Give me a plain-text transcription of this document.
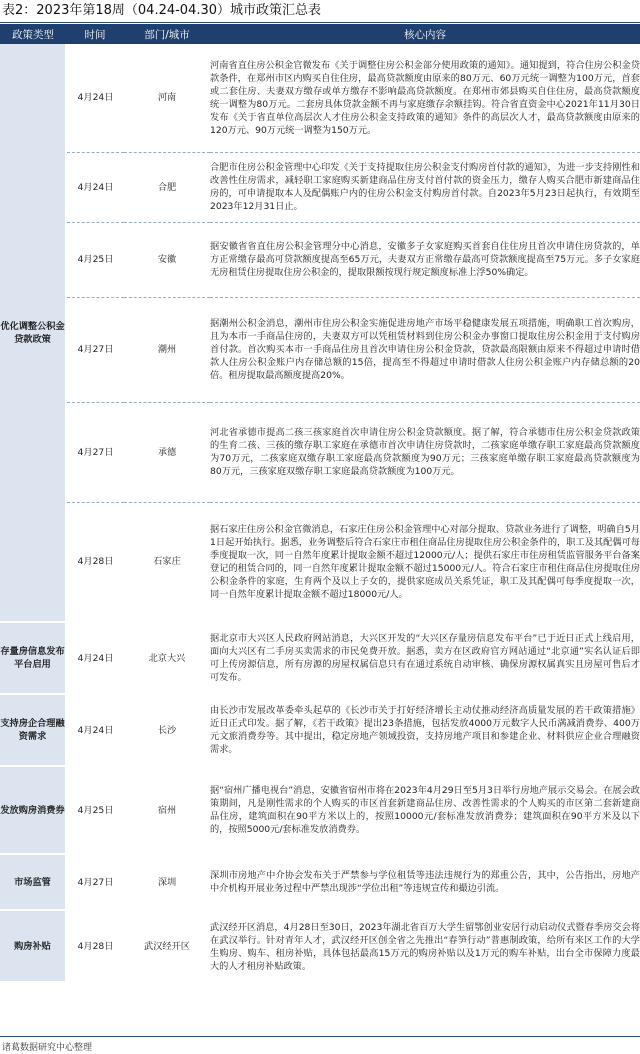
表2：2023年第18周（04.24-04.30）城市政策汇总表
政策类型	时间	部门/城市	核心内容
优化调整公积金贷款政策	4月24日	河南	河南省直住房公积金官微发布《关于调整住房公积金部分使用政策的通知》。通知提到，符合住房公积金贷款条件，在郑州市区内购买自住住房，最高贷款额度由原来的80万元、60万元统一调整为100万元，首套或二套住房、夫妻双方缴存或单方缴存不影响最高贷款额度。在郑州市郊县购买自住住房，最高贷款额度统一调整为80万元。二套房具体贷款金额不再与家庭缴存余额挂钩。符合省直资金中心2021年11月30日发布《关于省直单位高层次人才住房公积金支持政策的通知》条件的高层次人才，最高贷款额度由原来的120万元、90万元统一调整为150万元。
	4月24日	合肥	合肥市住房公积金管理中心印发《关于支持提取住房公积金支付购房首付款的通知》，为进一步支持刚性和改善性住房需求，减轻职工家庭购买新建商品住房支付首付款的资金压力，缴存人购买合肥市新建商品住房的，可申请提取本人及配偶账户内的住房公积金支付购房首付款。自2023年5月23日起执行，有效期至2023年12月31日止。
	4月25日	安徽	据安徽省省直住房公积金管理分中心消息，安徽多子女家庭购买首套自住住房且首次申请住房贷款的，单方正常缴存最高可贷款额度提高至65万元，夫妻双方正常缴存最高可贷款额度提高至75万元。多子女家庭无房租赁住房提取住房公积金的，提取限额按现行规定额度标准上浮50%确定。
	4月27日	潮州	据潮州公积金消息，潮州市住房公积金实施促进房地产市场平稳健康发展五项措施，明确职工首次购房，且为本市一手商品住房的，夫妻双方可以凭租赁材料到住房公积金办事窗口提取住房公积金用于支付购房首付款。首次购买本市一手商品住房且首次申请住房公积金贷款，贷款最高限额由原来不得超过申请时借款人住房公积金账户内存储总额的15倍，提高至不得超过申请时借款人住房公积金账户内存储总额的20倍。租房提取最高额度提高20%。
	4月27日	承德	河北省承德市提高二孩三孩家庭首次申请住房公积金贷款额度。据了解，符合承德市住房公积金贷款政策的生育二孩、三孩的缴存职工家庭在承德市首次申请住房贷款时，二孩家庭单缴存职工家庭最高贷款额度为70万元，二孩家庭双缴存职工家庭最高贷款额度为90万元；三孩家庭单缴存职工家庭最高贷款额度为80万元，三孩家庭双缴存职工家庭最高贷款额度为100万元。
	4月28日	石家庄	据石家庄住房公积金官微消息，石家庄住房公积金管理中心对部分提取、贷款业务进行了调整，明确自5月1日起开始执行。据悉，业务调整后符合石家庄市租住商品住房提取住房公积金条件的，职工及其配偶可每季度提取一次，同一自然年度累计提取金额不超过12000元/人；提供石家庄市住房租赁监管服务平台备案登记的租赁合同的，同一自然年度累计提取金额不超过15000元/人。符合石家庄市租住商品住房提取住房公积金条件的家庭，生育两个及以上子女的，提供家庭成员关系凭证，职工及其配偶可每季度提取一次，同一自然年度累计提取金额不超过18000元/人。
存量房信息发布平台启用	4月24日	北京大兴	据北京市大兴区人民政府网站消息，大兴区开发的“大兴区存量房信息发布平台”已于近日正式上线启用，面向大兴区有二手房买卖需求的市民免费开放。据悉，卖方在区政府官方网站通过“北京通”实名认证后即可上传房源信息，所有房源的房屋权属信息只有在通过系统自动审核、确保房源权属真实且房屋可售后才可发布。
支持房企合理融资需求	4月24日	长沙	由长沙市发展改革委牵头起草的《长沙市关于打好经济增长主动仗推动经济高质量发展的若干政策措施》近日正式印发。据了解，《若干政策》提出23条措施，包括发放4000万元数字人民币满减消费券、400万元文旅消费券等。其中提出，稳定房地产领域投资，支持房地产项目和参建企业、材料供应企业合理融资需求。
发放购房消费券	4月25日	宿州	据“宿州广播电视台”消息，安徽省宿州市将在2023年4月29日至5月3日举行房地产展示交易会。在展会政策期间，凡是刚性需求的个人购买的市区首套新建商品住房、改善性需求的个人购买的市区第二套新建商品住房，建筑面积在90平方米以上的，按照10000元/套标准发放消费券；建筑面积在90平方米及以下的，按照5000元/套标准发放消费券。
市场监管	4月27日	深圳	深圳市房地产中介协会发布关于严禁参与学位租赁等违法违规行为的郑重公告，其中，公告指出，房地产中介机构开展业务过程中严禁出现涉“学位出租”等违规宣传和撮边引流。
购房补贴	4月28日	武汉经开区	武汉经开区消息，4月28日至30日，2023年湖北省百万大学生留鄂创业安居行动启动仪式暨春季房交会将在武汉举行。针对青年人才，武汉经开区创全省之先推出“春笋行动”普惠制政策，给所有来区工作的大学生购房、购车、租房补贴，具体包括最高15万元的购房补贴以及1万元的购车补贴，出台全市保障力度最大的人才租房补贴政策。
诸葛数据研究中心整理
